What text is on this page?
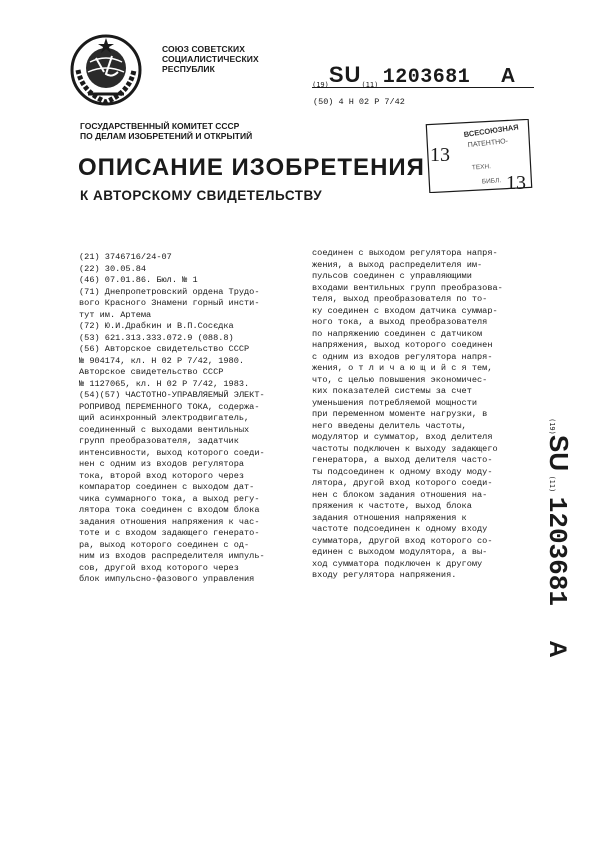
СОЮЗ СОВЕТСКИХ
СОЦИАЛИСТИЧЕСКИХ
РЕСПУБЛИК
(19)SU(11) 1203681 A
(50) 4 Н 02 Р 7/42
ВСЕСОЮЗНАЯ
ПАТЕНТНО-
ТЕХН.
БИБЛ.
13
13
ГОСУДАРСТВЕННЫЙ КОМИТЕТ СССР
ПО ДЕЛАМ ИЗОБРЕТЕНИЙ И ОТКРЫТИЙ
ОПИСАНИЕ ИЗОБРЕТЕНИЯ
К АВТОРСКОМУ СВИДЕТЕЛЬСТВУ
(21) 3746716/24-07
(22) 30.05.84
(46) 07.01.86. Бюл. № 1
(71) Днепропетровский ордена Трудо-
вого Красного Знамени горный инсти-
тут им. Артема
(72) Ю.И.Драбкин и В.П.Сосєдка
(53) 621.313.333.072.9 (088.8)
(56) Авторское свидетельство СССР
№ 904174, кл. Н 02 Р 7/42, 1980.
Авторское свидетельство СССР
№ 1127065, кл. Н 02 Р 7/42, 1983.
(54)(57) ЧАСТОТНО-УПРАВЛЯЕМЫЙ ЭЛЕКТ-
РОПРИВОД ПЕРЕМЕННОГО ТОКА, содержа-
щий асинхронный электродвигатель,
соединенный с выходами вентильных
групп преобразователя, задатчик
интенсивности, выход которого соеди-
нен с одним из входов регулятора
тока, второй вход которого через
компаратор соединен с выходом дат-
чика суммарного тока, а выход регу-
лятора тока соединен с входом блока
задания отношения напряжения к час-
тоте и с входом задающего генерато-
ра, выход которого соединен с од-
ним из входов распределителя импуль-
сов, другой вход которого через
блок импульсно-фазового управления
соединен с выходом регулятора напря-
жения, а выход распределителя им-
пульсов соединен с управляющими
входами вентильных групп преобразова-
теля, выход преобразователя по то-
ку соединен с входом датчика суммар-
ного тока, а выход преобразователя
по напряжению соединен с датчиком
напряжения, выход которого соединен
с одним из входов регулятора напря-
жения, о т л и ч а ю щ и й с я тем,
что, с целью повышения экономичес-
ких показателей системы за счет
уменьшения потребляемой мощности
при переменном моменте нагрузки, в
него введены делитель частоты,
модулятор и сумматор, вход делителя
частоты подключен к выходу задающего
генератора, а выход делителя часто-
ты подсоединен к одному входу моду-
лятора, другой вход которого соеди-
нен с блоком задания отношения на-
пряжения к частоте, выход блока
задания отношения напряжения к
частоте подсоединен к одному входу
сумматора, другой вход которого со-
единен с выходом модулятора, а вы-
ход сумматора подключен к другому
входу регулятора напряжения.
(19)SU (11) 1203681 A
